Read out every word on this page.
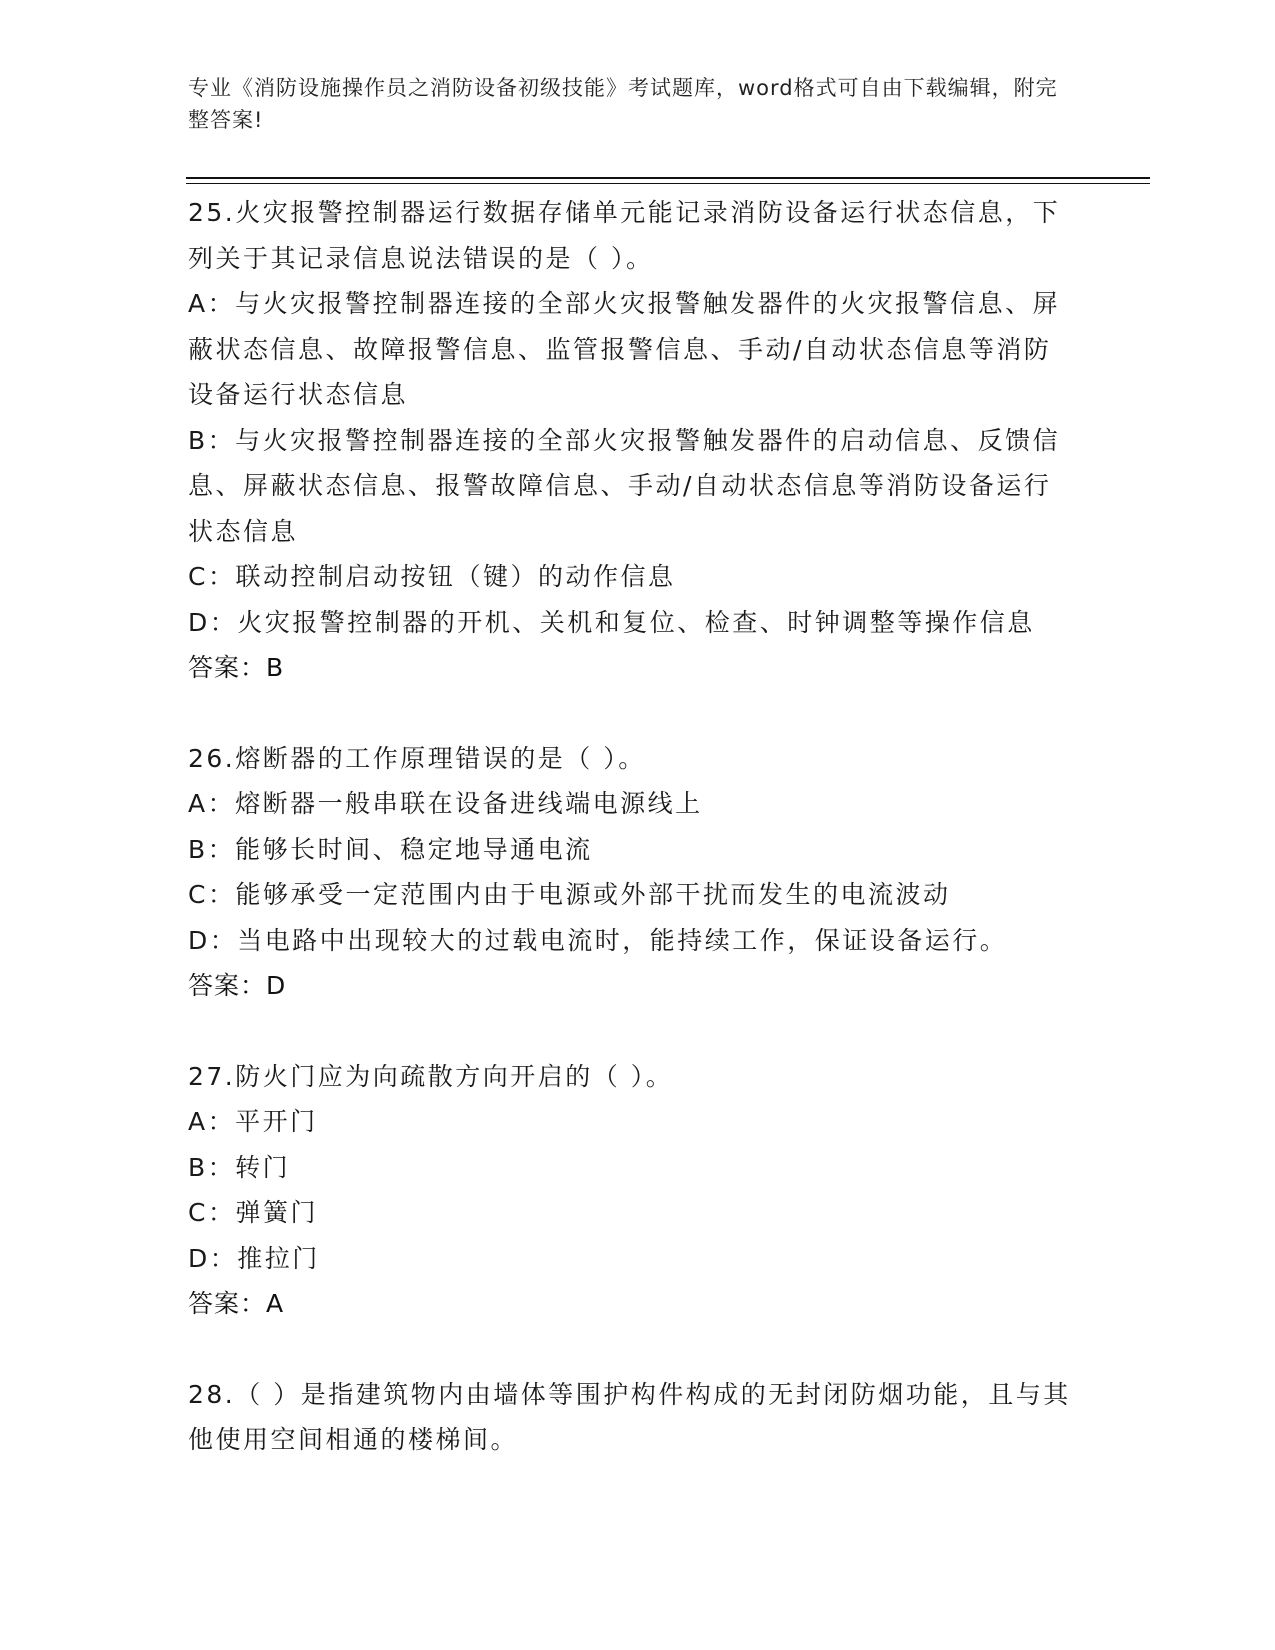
专业《消防设施操作员之消防设备初级技能》考试题库，word格式可自由下载编辑，附完整答案!
25.火灾报警控制器运行数据存储单元能记录消防设备运行状态信息，下列关于其记录信息说法错误的是（ ）。
A：与火灾报警控制器连接的全部火灾报警触发器件的火灾报警信息、屏蔽状态信息、故障报警信息、监管报警信息、手动/自动状态信息等消防设备运行状态信息
B：与火灾报警控制器连接的全部火灾报警触发器件的启动信息、反馈信息、屏蔽状态信息、报警故障信息、手动/自动状态信息等消防设备运行状态信息
C：联动控制启动按钮（键）的动作信息
D：火灾报警控制器的开机、关机和复位、检查、时钟调整等操作信息
答案：B
26.熔断器的工作原理错误的是（ ）。
A：熔断器一般串联在设备进线端电源线上
B：能够长时间、稳定地导通电流
C：能够承受一定范围内由于电源或外部干扰而发生的电流波动
D：当电路中出现较大的过载电流时，能持续工作，保证设备运行。
答案：D
27.防火门应为向疏散方向开启的（ ）。
A：平开门
B：转门
C：弹簧门
D：推拉门
答案：A
28.（ ）是指建筑物内由墙体等围护构件构成的无封闭防烟功能，且与其他使用空间相通的楼梯间。
